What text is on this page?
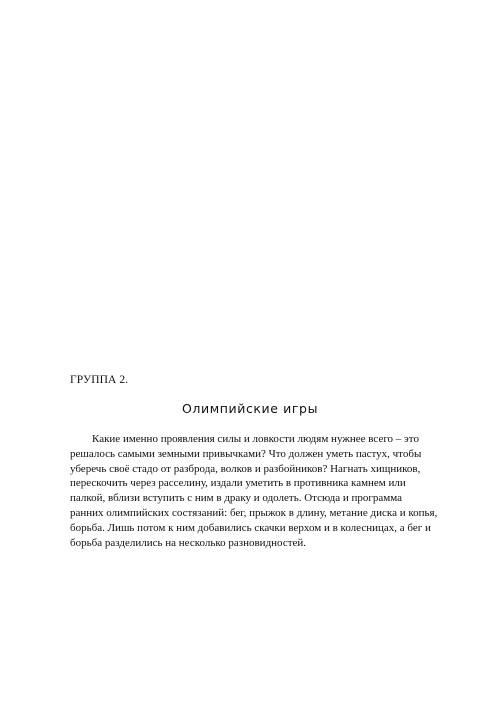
ГРУППА 2.
Олимпийские игры
Какие именно проявления силы и ловкости людям нужнее всего – это
решалось самыми земными привычками? Что должен уметь пастух, чтобы
уберечь своё стадо от разброда, волков и разбойников? Нагнать хищников,
перескочить через расселину, издали уметить в противника камнем или
палкой, вблизи вступить с ним в драку и одолеть. Отсюда и программа
ранних олимпийских состязаний: бег, прыжок в длину, метание диска и копья,
борьба. Лишь потом к ним добавились скачки верхом и в колесницах, а бег и
борьба разделились на несколько разновидностей.
